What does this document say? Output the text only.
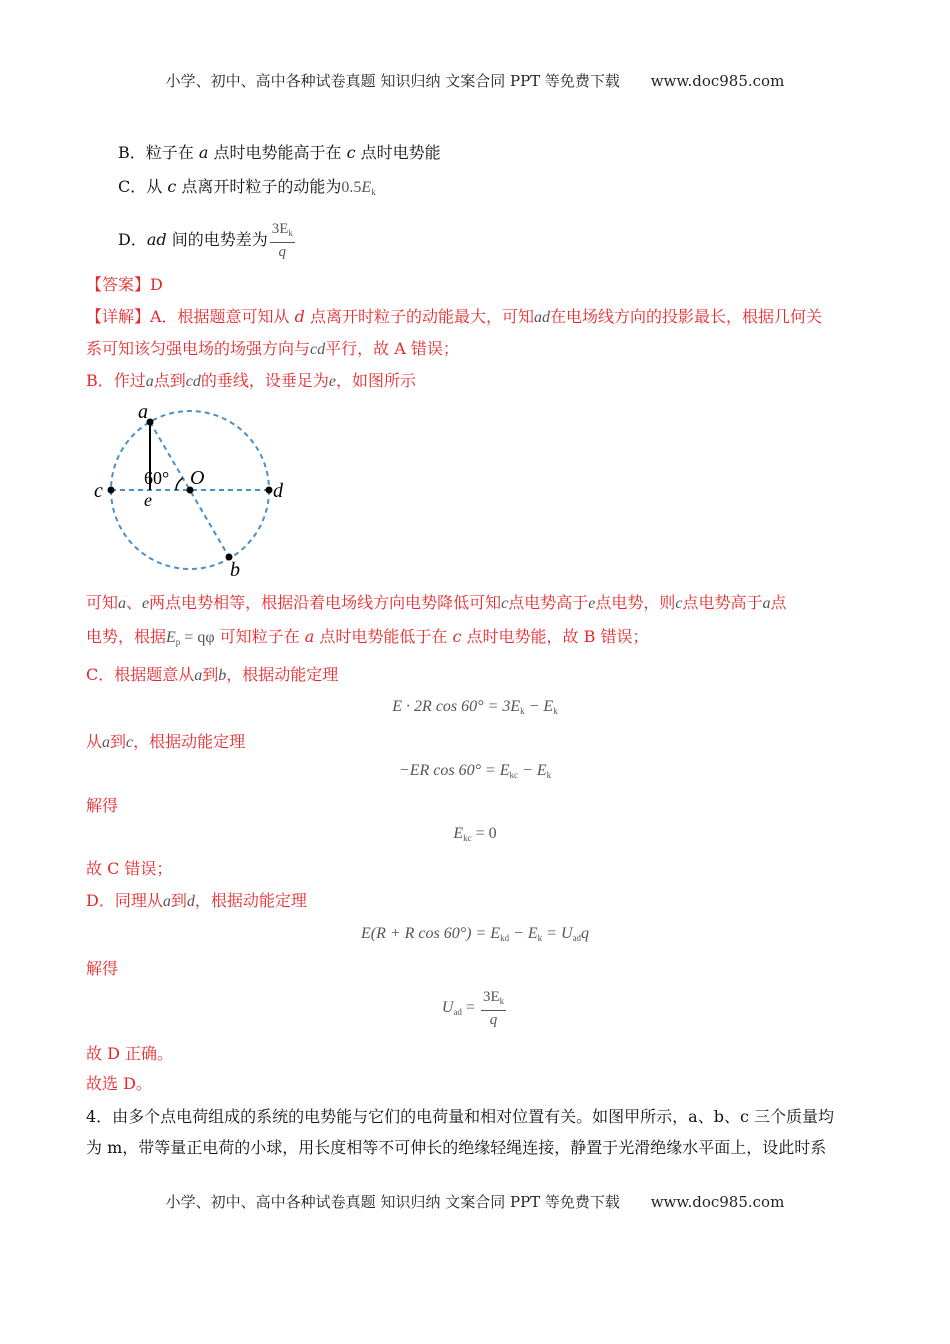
小学、初中、高中各种试卷真题 知识归纳 文案合同 PPT 等免费下载 www.doc985.com
B．粒子在 a 点时电势能高于在 c 点时电势能
C．从 c 点离开时粒子的动能为$0.5E_k$
D．ad 间的电势差为 $\frac{3E_k}{q}$
【答案】D
【详解】A．根据题意可知从 d 点离开时粒子的动能最大，可知ad在电场线方向的投影最长，根据几何关
系可知该匀强电场的场强方向与cd平行，故 A 错误；
B．作过a点到cd的垂线，设垂足为e，如图所示
a
c	d
e
O
b
60°
可知a、e两点电势相等，根据沿着电场线方向电势降低可知c点电势高于e点电势，则c点电势高于a点
电势，根据$E_p = q\varphi$ 可知粒子在 a 点时电势能低于在 c 点时电势能，故 B 错误；
C．根据题意从a到b，根据动能定理
E · 2R $\cos 60^\circ = 3E_k - E_k$
从a到c，根据动能定理
−ER $\cos 60^\circ = E_{kc} - E_k$
解得
$E_{kc} = 0$
故 C 错误；
D．同理从a到d，根据动能定理
E(R + R $\cos 60^\circ) = E_{kd} - E_k = U_{ad}q$
解得
$U_{ad} = \frac{3E_k}{q}$
故 D 正确。
故选 D。
4．由多个点电荷组成的系统的电势能与它们的电荷量和相对位置有关。如图甲所示，a、b、c 三个质量均
为 m，带等量正电荷的小球，用长度相等不可伸长的绝缘轻绳连接，静置于光滑绝缘水平面上，设此时系
小学、初中、高中各种试卷真题 知识归纳 文案合同 PPT 等免费下载 www.doc985.com
